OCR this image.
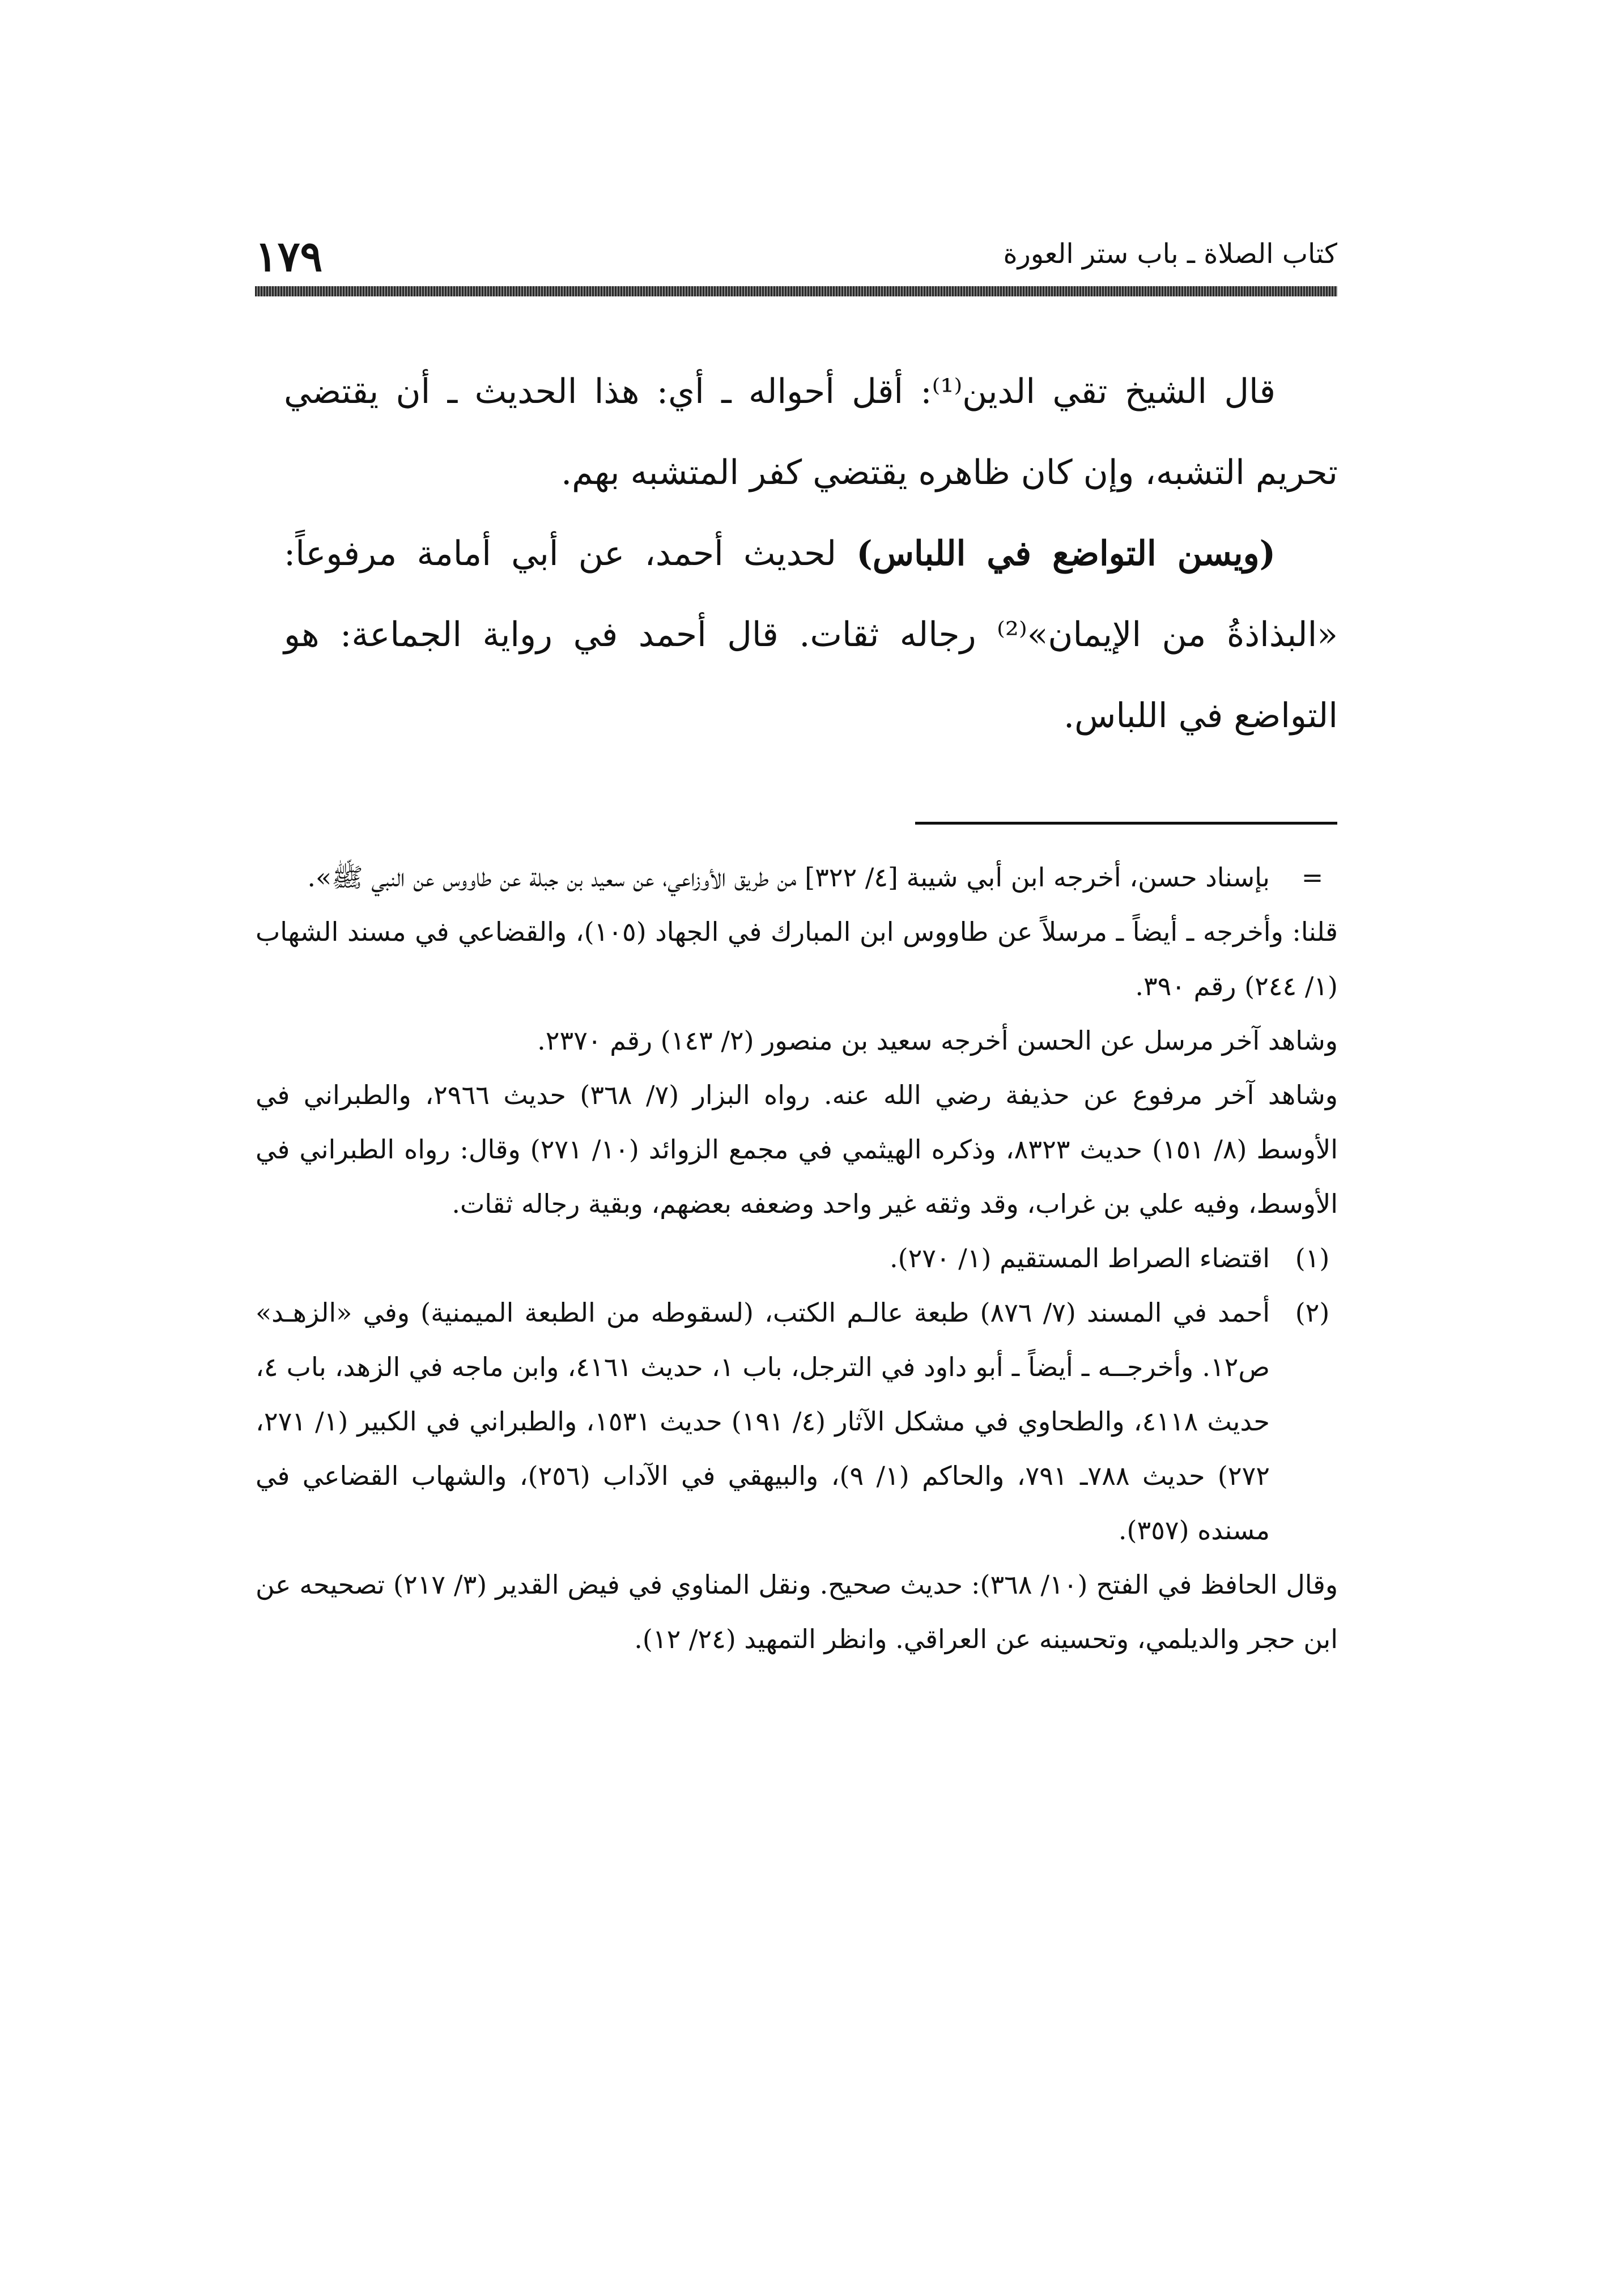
كتاب الصلاة ـ باب ستر العورة
١٧٩

قال الشيخ تقي الدين⁽¹⁾: أقل أحواله ـ أي: هذا الحديث ـ أن يقتضي تحريم التشبه، وإن كان ظاهره يقتضي كفر المتشبه بهم.

(ويسن التواضع في اللباس) لحديث أحمد، عن أبي أمامة مرفوعاً: «البذاذةُ من الإيمان»⁽²⁾ رجاله ثقات. قال أحمد في رواية الجماعة: هو التواضع في اللباس.

=
بإسناد حسن، أخرجه ابن أبي شيبة [٤/ ٣٢٢] من طريق الأوزاعي، عن سعيد بن جبلة عن طاووس عن النبي ﷺ».
قلنا: وأخرجه ـ أيضاً ـ مرسلاً عن طاووس ابن المبارك في الجهاد (١٠٥)، والقضاعي في مسند الشهاب (١/ ٢٤٤) رقم ٣٩٠.
وشاهد آخر مرسل عن الحسن أخرجه سعيد بن منصور (٢/ ١٤٣) رقم ٢٣٧٠.
وشاهد آخر مرفوع عن حذيفة رضي الله عنه. رواه البزار (٧/ ٣٦٨) حديث ٢٩٦٦، والطبراني في الأوسط (٨/ ١٥١) حديث ٨٣٢٣، وذكره الهيثمي في مجمع الزوائد (١٠/ ٢٧١) وقال: رواه الطبراني في الأوسط، وفيه علي بن غراب، وقد وثقه غير واحد وضعفه بعضهم، وبقية رجاله ثقات.
(١)
اقتضاء الصراط المستقيم (١/ ٢٧٠).
(٢)
أحمد في المسند (٧/ ٨٧٦) طبعة عالـم الكتب، (لسقوطه من الطبعة الميمنية) وفي «الزهـد» ص١٢. وأخرجــه ـ أيضاً ـ أبو داود في الترجل، باب ١، حديث ٤١٦١، وابن ماجه في الزهد، باب ٤، حديث ٤١١٨، والطحاوي في مشكل الآثار (٤/ ١٩١) حديث ١٥٣١، والطبراني في الكبير (١/ ٢٧١، ٢٧٢) حديث ٧٨٨ـ ٧٩١، والحاكم (١/ ٩)، والبيهقي في الآداب (٢٥٦)، والشهاب القضاعي في مسنده (٣٥٧).
وقال الحافظ في الفتح (١٠/ ٣٦٨): حديث صحيح. ونقل المناوي في فيض القدير (٣/ ٢١٧) تصحيحه عن ابن حجر والديلمي، وتحسينه عن العراقي. وانظر التمهيد (٢٤/ ١٢).
